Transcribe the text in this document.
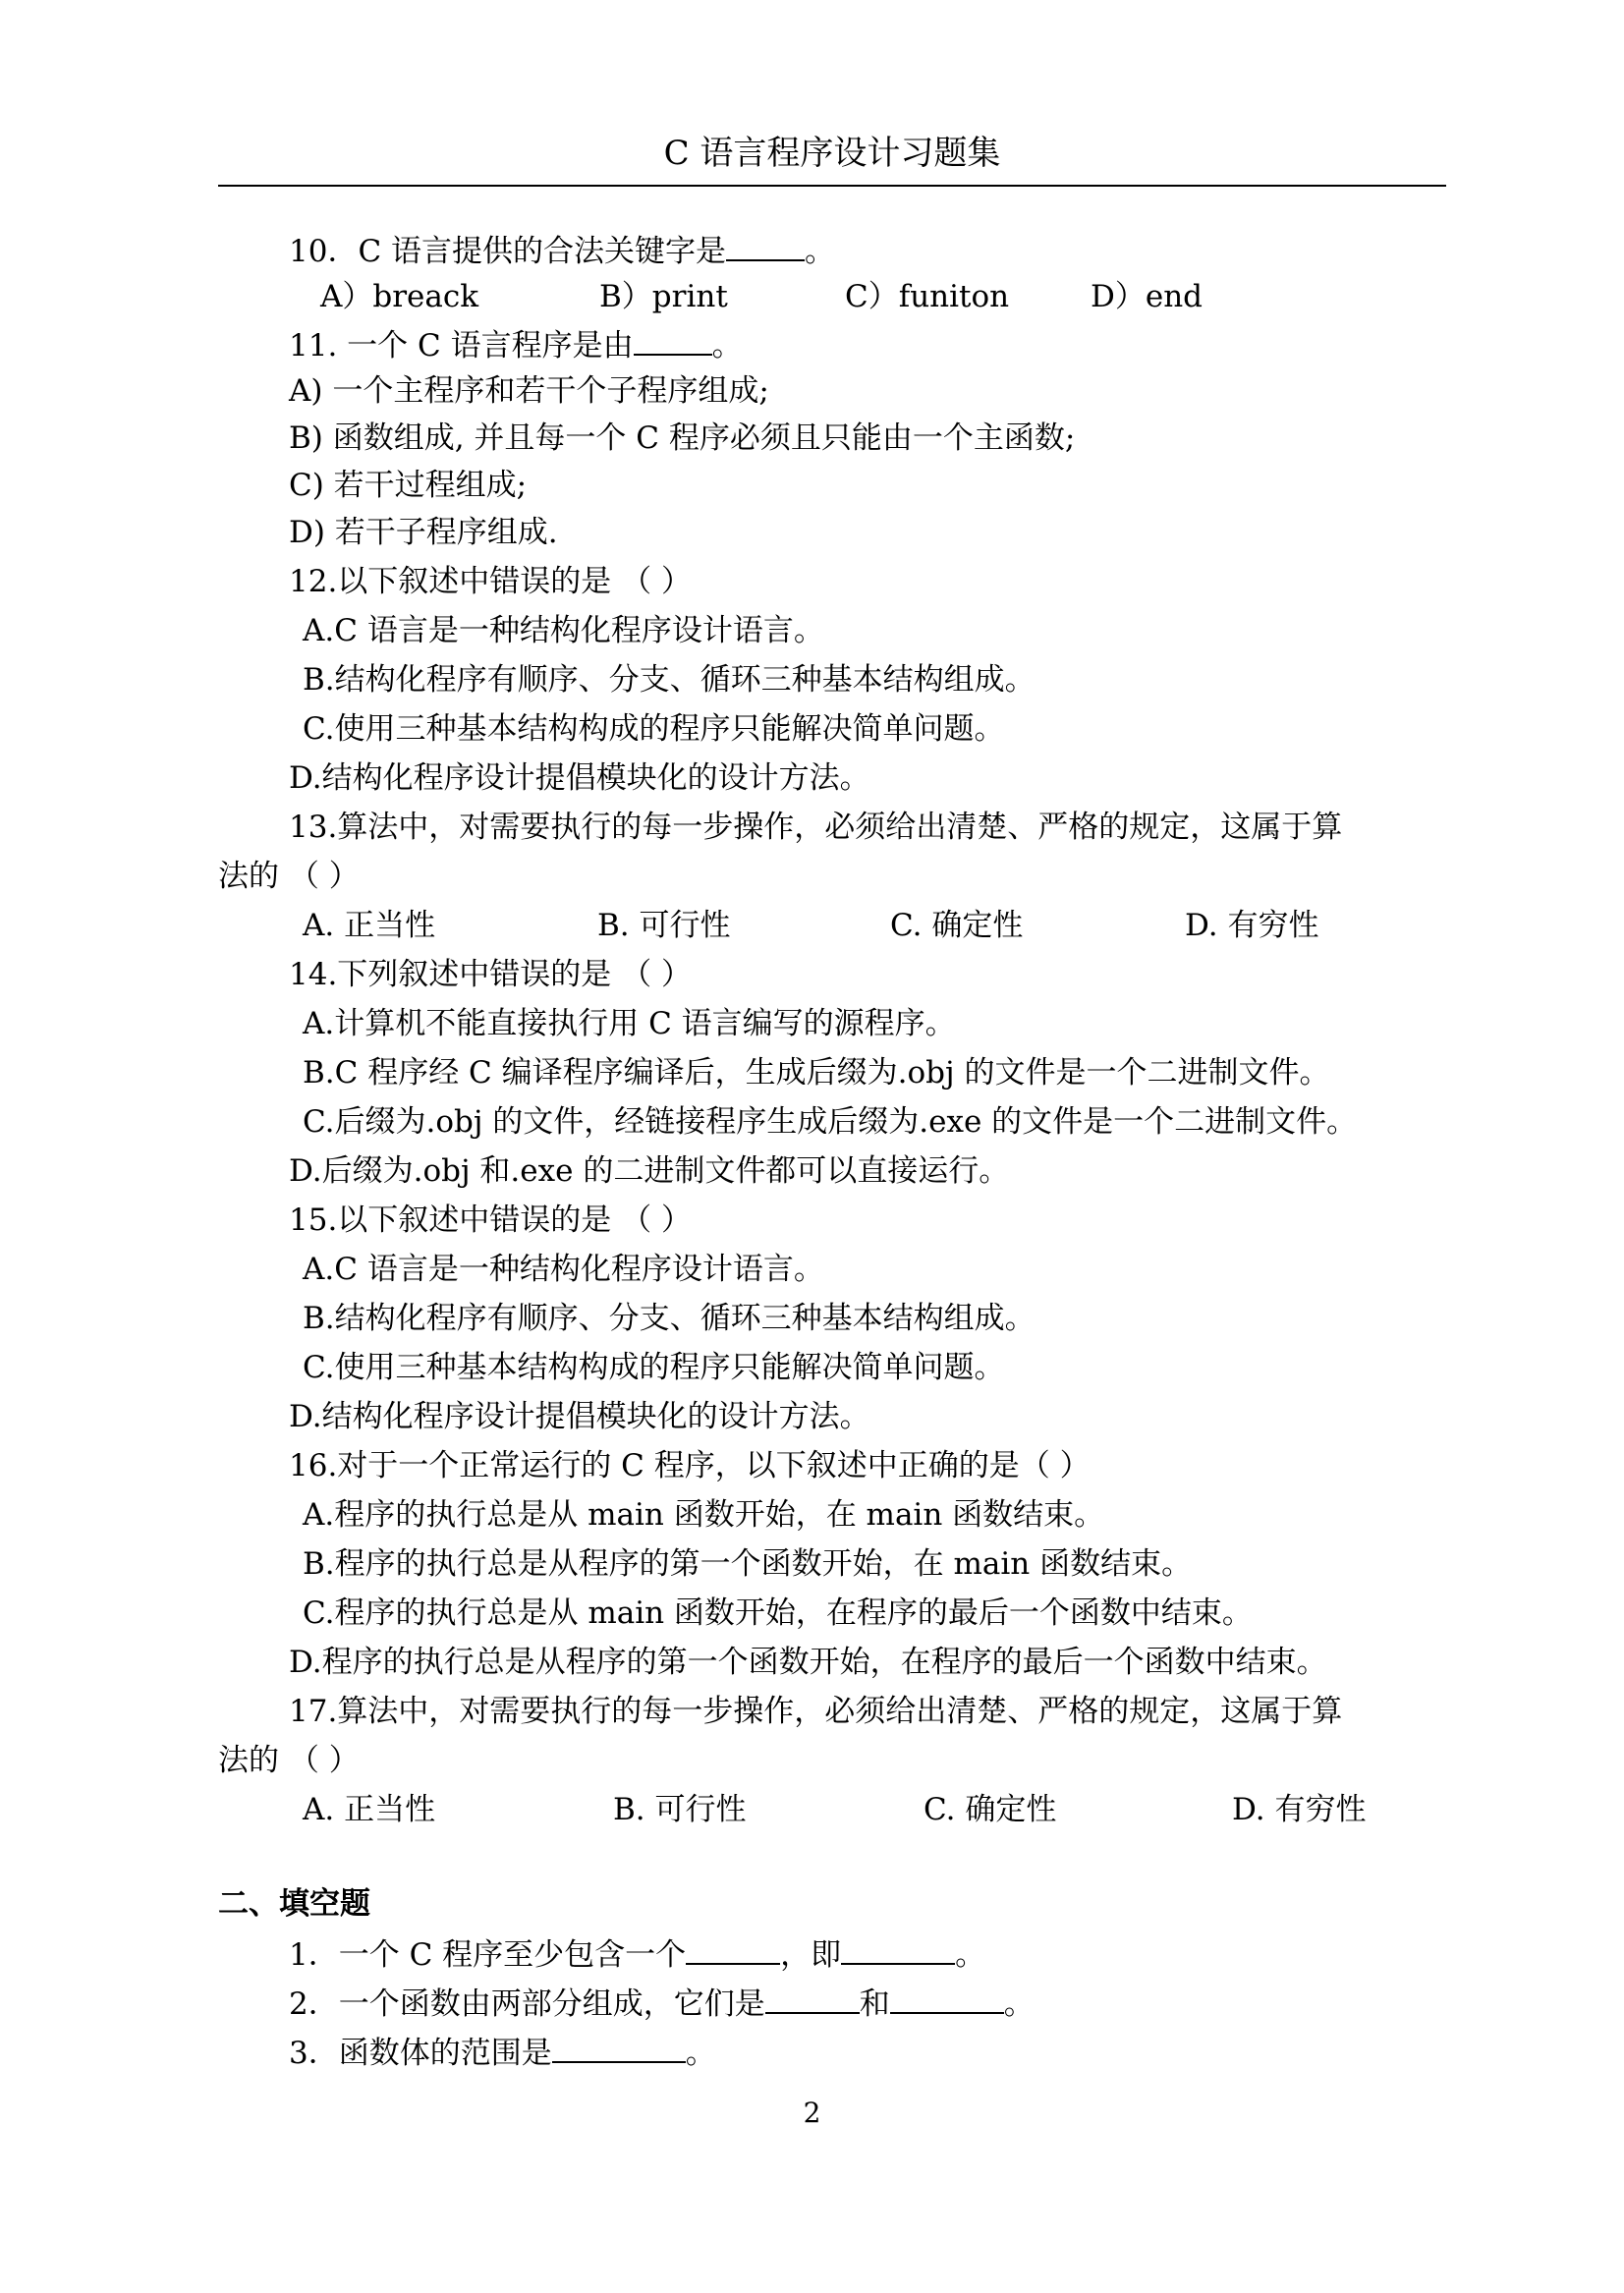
C 语言程序设计习题集
10．C 语言提供的合法关键字是	。
A）breack	B）print	C）funiton	D）end
11. 一个 C 语言程序是由	。
A) 一个主程序和若干个子程序组成;
B) 函数组成, 并且每一个 C 程序必须且只能由一个主函数;
C) 若干过程组成;
D) 若干子程序组成.
12.以下叙述中错误的是 （ ）
A.C 语言是一种结构化程序设计语言。
B.结构化程序有顺序、分支、循环三种基本结构组成。
C.使用三种基本结构构成的程序只能解决简单问题。
D.结构化程序设计提倡模块化的设计方法。
13.算法中，对需要执行的每一步操作，必须给出清楚、严格的规定，这属于算
法的 （ ）
A. 正当性	B. 可行性	C. 确定性	D. 有穷性
14.下列叙述中错误的是 （ ）
A.计算机不能直接执行用 C 语言编写的源程序。
B.C 程序经 C 编译程序编译后，生成后缀为.obj 的文件是一个二进制文件。
C.后缀为.obj 的文件，经链接程序生成后缀为.exe 的文件是一个二进制文件。
D.后缀为.obj 和.exe 的二进制文件都可以直接运行。
15.以下叙述中错误的是 （ ）
A.C 语言是一种结构化程序设计语言。
B.结构化程序有顺序、分支、循环三种基本结构组成。
C.使用三种基本结构构成的程序只能解决简单问题。
D.结构化程序设计提倡模块化的设计方法。
16.对于一个正常运行的 C 程序，以下叙述中正确的是（ ）
A.程序的执行总是从 main 函数开始，在 main 函数结束。
B.程序的执行总是从程序的第一个函数开始，在 main 函数结束。
C.程序的执行总是从 main 函数开始，在程序的最后一个函数中结束。
D.程序的执行总是从程序的第一个函数开始，在程序的最后一个函数中结束。
17.算法中，对需要执行的每一步操作，必须给出清楚、严格的规定，这属于算
法的 （ ）
A. 正当性	B. 可行性	C. 确定性	D. 有穷性
二、填空题
1．一个 C 程序至少包含一个	，即	。
2．一个函数由两部分组成，它们是	和	。
3．函数体的范围是	。
2
